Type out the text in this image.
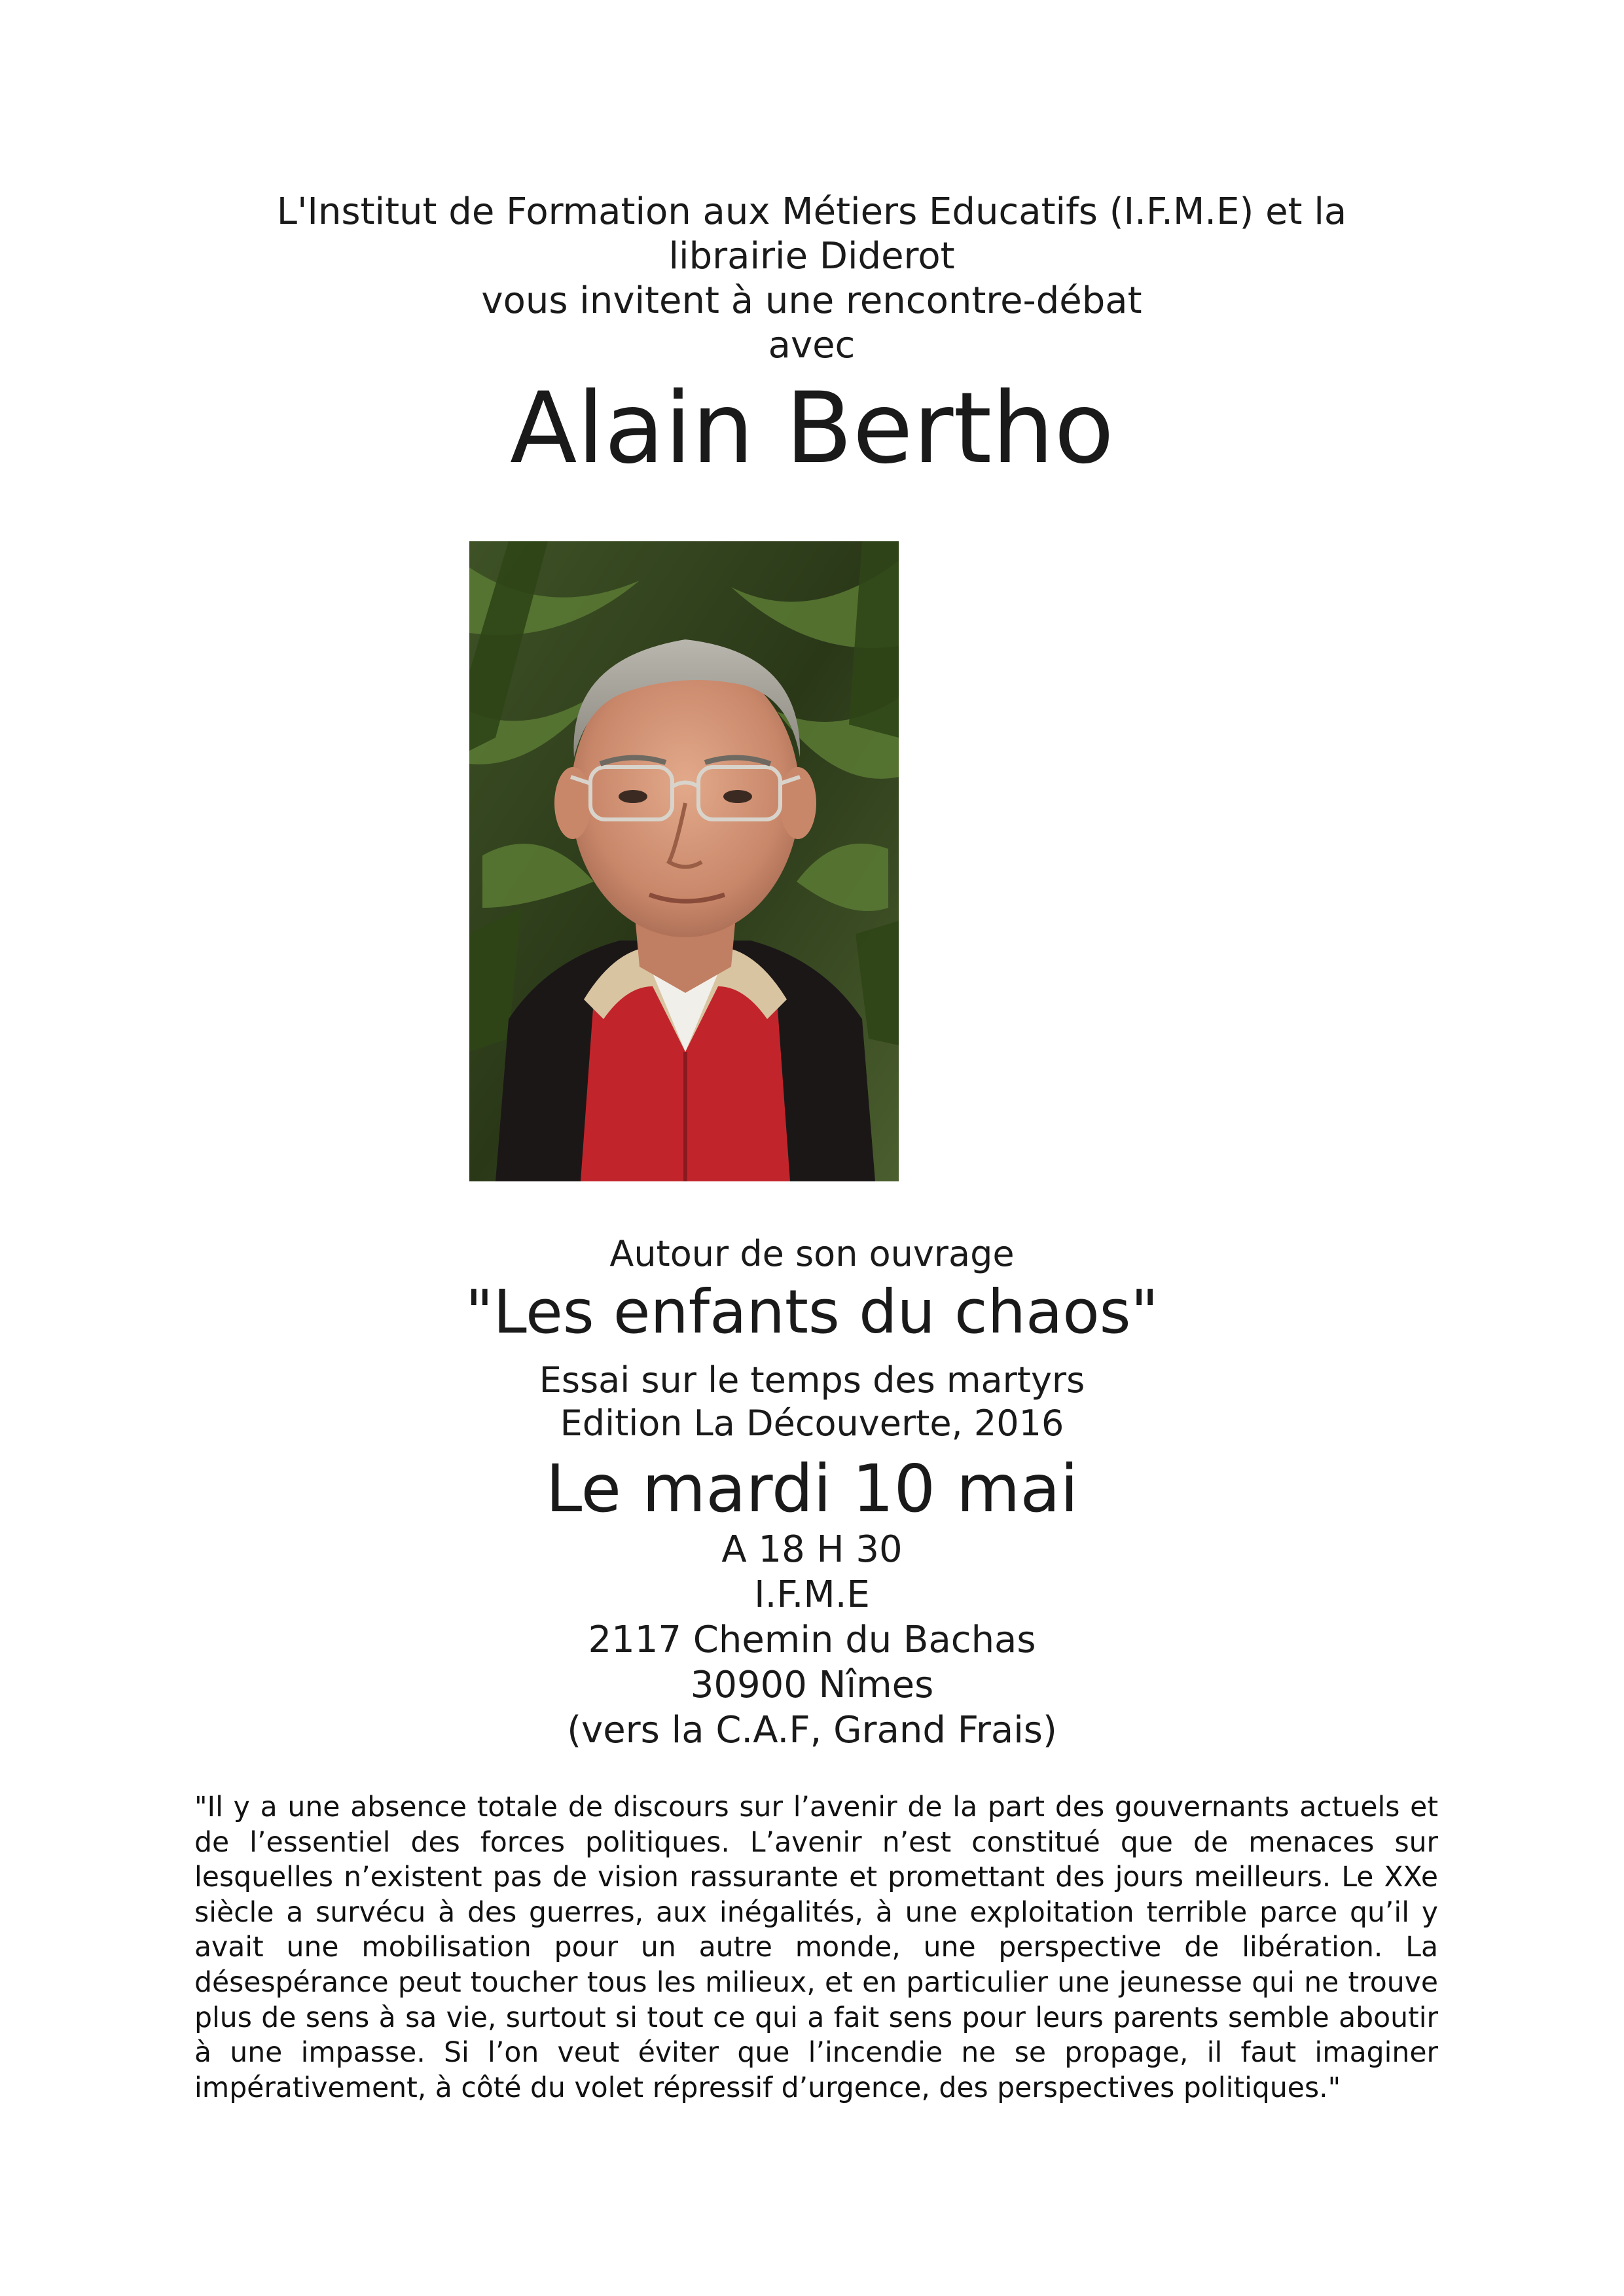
L'Institut de Formation aux Métiers Educatifs (I.F.M.E) et la
librairie Diderot
vous invitent à une rencontre-débat
avec
Alain Bertho
Autour de son ouvrage
"Les enfants du chaos"
Essai sur le temps des martyrs
Edition La Découverte, 2016
Le mardi 10 mai
A 18 H 30
I.F.M.E
2117 Chemin du Bachas
30900 Nîmes
(vers la C.A.F, Grand Frais)
"Il y a une absence totale de discours sur l’avenir de la part des gouvernants actuels et de l’essentiel des forces politiques. L’avenir n’est constitué que de menaces sur lesquelles n’existent pas de vision rassurante et promettant des jours meilleurs. Le XXe siècle a survécu à des guerres, aux inégalités, à une exploitation terrible parce qu’il y avait une mobilisation pour un autre monde, une perspective de libération. La désespérance peut toucher tous les milieux, et en particulier une jeunesse qui ne trouve plus de sens à sa vie, surtout si tout ce qui a fait sens pour leurs parents semble aboutir à une impasse. Si l’on veut éviter que l’incendie ne se propage, il faut imaginer impérativement, à côté du volet répressif d’urgence, des perspectives politiques."
